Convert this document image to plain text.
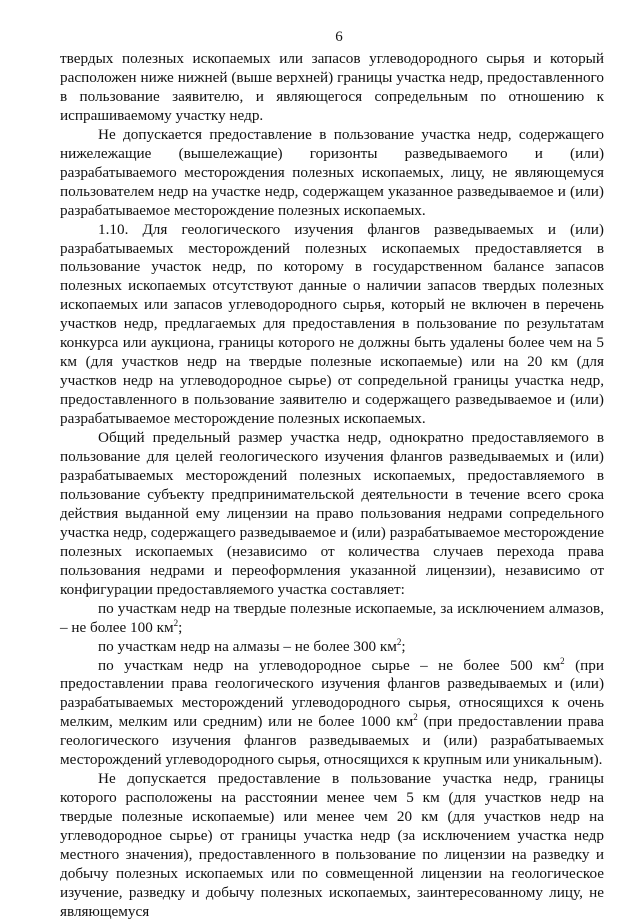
6

твердых полезных ископаемых или запасов углеводородного сырья и который расположен ниже нижней (выше верхней) границы участка недр, предоставленного в пользование заявителю, и являющегося сопредельным по отношению к испрашиваемому участку недр.

Не допускается предоставление в пользование участка недр, содержащего нижележащие (вышележащие) горизонты разведываемого и (или) разрабатываемого месторождения полезных ископаемых, лицу, не являющемуся пользователем недр на участке недр, содержащем указанное разведываемое и (или) разрабатываемое месторождение полезных ископаемых.

1.10. Для геологического изучения флангов разведываемых и (или) разрабатываемых месторождений полезных ископаемых предоставляется в пользование участок недр, по которому в государственном балансе запасов полезных ископаемых отсутствуют данные о наличии запасов твердых полезных ископаемых или запасов углеводородного сырья, который не включен в перечень участков недр, предлагаемых для предоставления в пользование по результатам конкурса или аукциона, границы которого не должны быть удалены более чем на 5 км (для участков недр на твердые полезные ископаемые) или на 20 км (для участков недр на углеводородное сырье) от сопредельной границы участка недр, предоставленного в пользование заявителю и содержащего разведываемое и (или) разрабатываемое месторождение полезных ископаемых.

Общий предельный размер участка недр, однократно предоставляемого в пользование для целей геологического изучения флангов разведываемых и (или) разрабатываемых месторождений полезных ископаемых, предоставляемого в пользование субъекту предпринимательской деятельности в течение всего срока действия выданной ему лицензии на право пользования недрами сопредельного участка недр, содержащего разведываемое и (или) разрабатываемое месторождение полезных ископаемых (независимо от количества случаев перехода права пользования недрами и переоформления указанной лицензии), независимо от конфигурации предоставляемого участка составляет:

по участкам недр на твердые полезные ископаемые, за исключением алмазов, – не более 100 $км^2$;

по участкам недр на алмазы – не более 300 $км^2$;

по участкам недр на углеводородное сырье – не более 500 $км^2$ (при предоставлении права геологического изучения флангов разведываемых и (или) разрабатываемых месторождений углеводородного сырья, относящихся к очень мелким, мелким или средним) или не более 1000 $км^2$ (при предоставлении права геологического изучения флангов разведываемых и (или) разрабатываемых месторождений углеводородного сырья, относящихся к крупным или уникальным).

Не допускается предоставление в пользование участка недр, границы которого расположены на расстоянии менее чем 5 км (для участков недр на твердые полезные ископаемые) или менее чем 20 км (для участков недр на углеводородное сырье) от границы участка недр (за исключением участка недр местного значения), предоставленного в пользование по лицензии на разведку и добычу полезных ископаемых или по совмещенной лицензии на геологическое изучение, разведку и добычу полезных ископаемых, заинтересованному лицу, не являющемуся
